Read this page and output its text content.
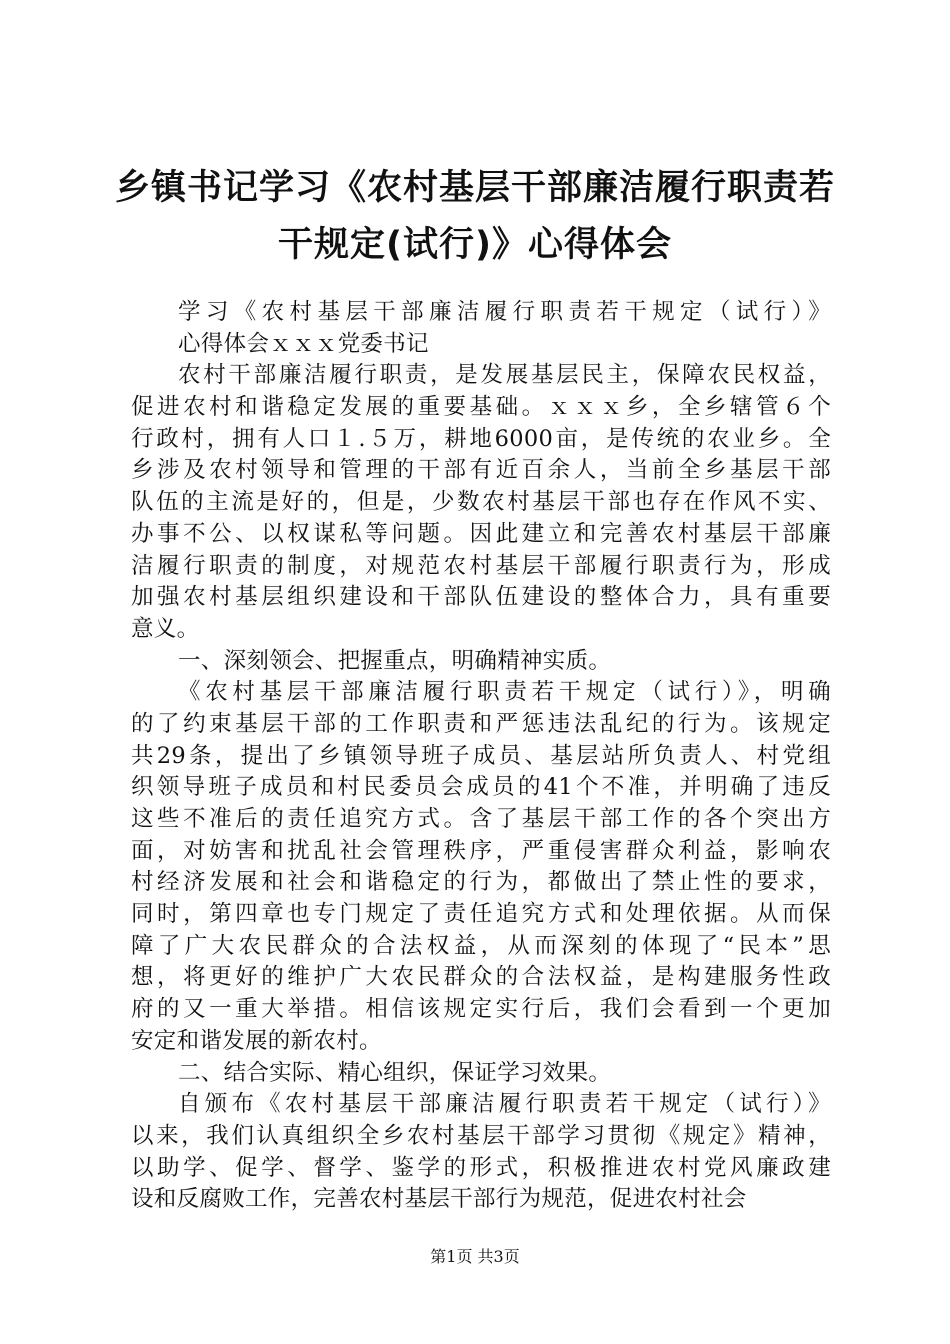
乡镇书记学习《农村基层干部廉洁履行职责若
干规定(试行)》心得体会
学习《农村基层干部廉洁履行职责若干规定（试行）》
心得体会ｘｘｘ党委书记
农村干部廉洁履行职责，是发展基层民主，保障农民权益，
促进农村和谐稳定发展的重要基础。ｘｘｘ乡，全乡辖管６个
行政村，拥有人口１.５万，耕地6000亩，是传统的农业乡。全
乡涉及农村领导和管理的干部有近百余人，当前全乡基层干部
队伍的主流是好的，但是，少数农村基层干部也存在作风不实、
办事不公、以权谋私等问题。因此建立和完善农村基层干部廉
洁履行职责的制度，对规范农村基层干部履行职责行为，形成
加强农村基层组织建设和干部队伍建设的整体合力，具有重要
意义。
一、深刻领会、把握重点，明确精神实质。
《农村基层干部廉洁履行职责若干规定（试行）》，明确
的了约束基层干部的工作职责和严惩违法乱纪的行为。该规定
共29条，提出了乡镇领导班子成员、基层站所负责人、村党组
织领导班子成员和村民委员会成员的41个不准，并明确了违反
这些不准后的责任追究方式。含了基层干部工作的各个突出方
面，对妨害和扰乱社会管理秩序，严重侵害群众利益，影响农
村经济发展和社会和谐稳定的行为，都做出了禁止性的要求，
同时，第四章也专门规定了责任追究方式和处理依据。从而保
障了广大农民群众的合法权益，从而深刻的体现了“民本”思
想，将更好的维护广大农民群众的合法权益，是构建服务性政
府的又一重大举措。相信该规定实行后，我们会看到一个更加
安定和谐发展的新农村。
二、结合实际、精心组织，保证学习效果。
自颁布《农村基层干部廉洁履行职责若干规定（试行）》
以来，我们认真组织全乡农村基层干部学习贯彻《规定》精神，
以助学、促学、督学、鉴学的形式，积极推进农村党风廉政建
设和反腐败工作，完善农村基层干部行为规范，促进农村社会
第1页 共3页
